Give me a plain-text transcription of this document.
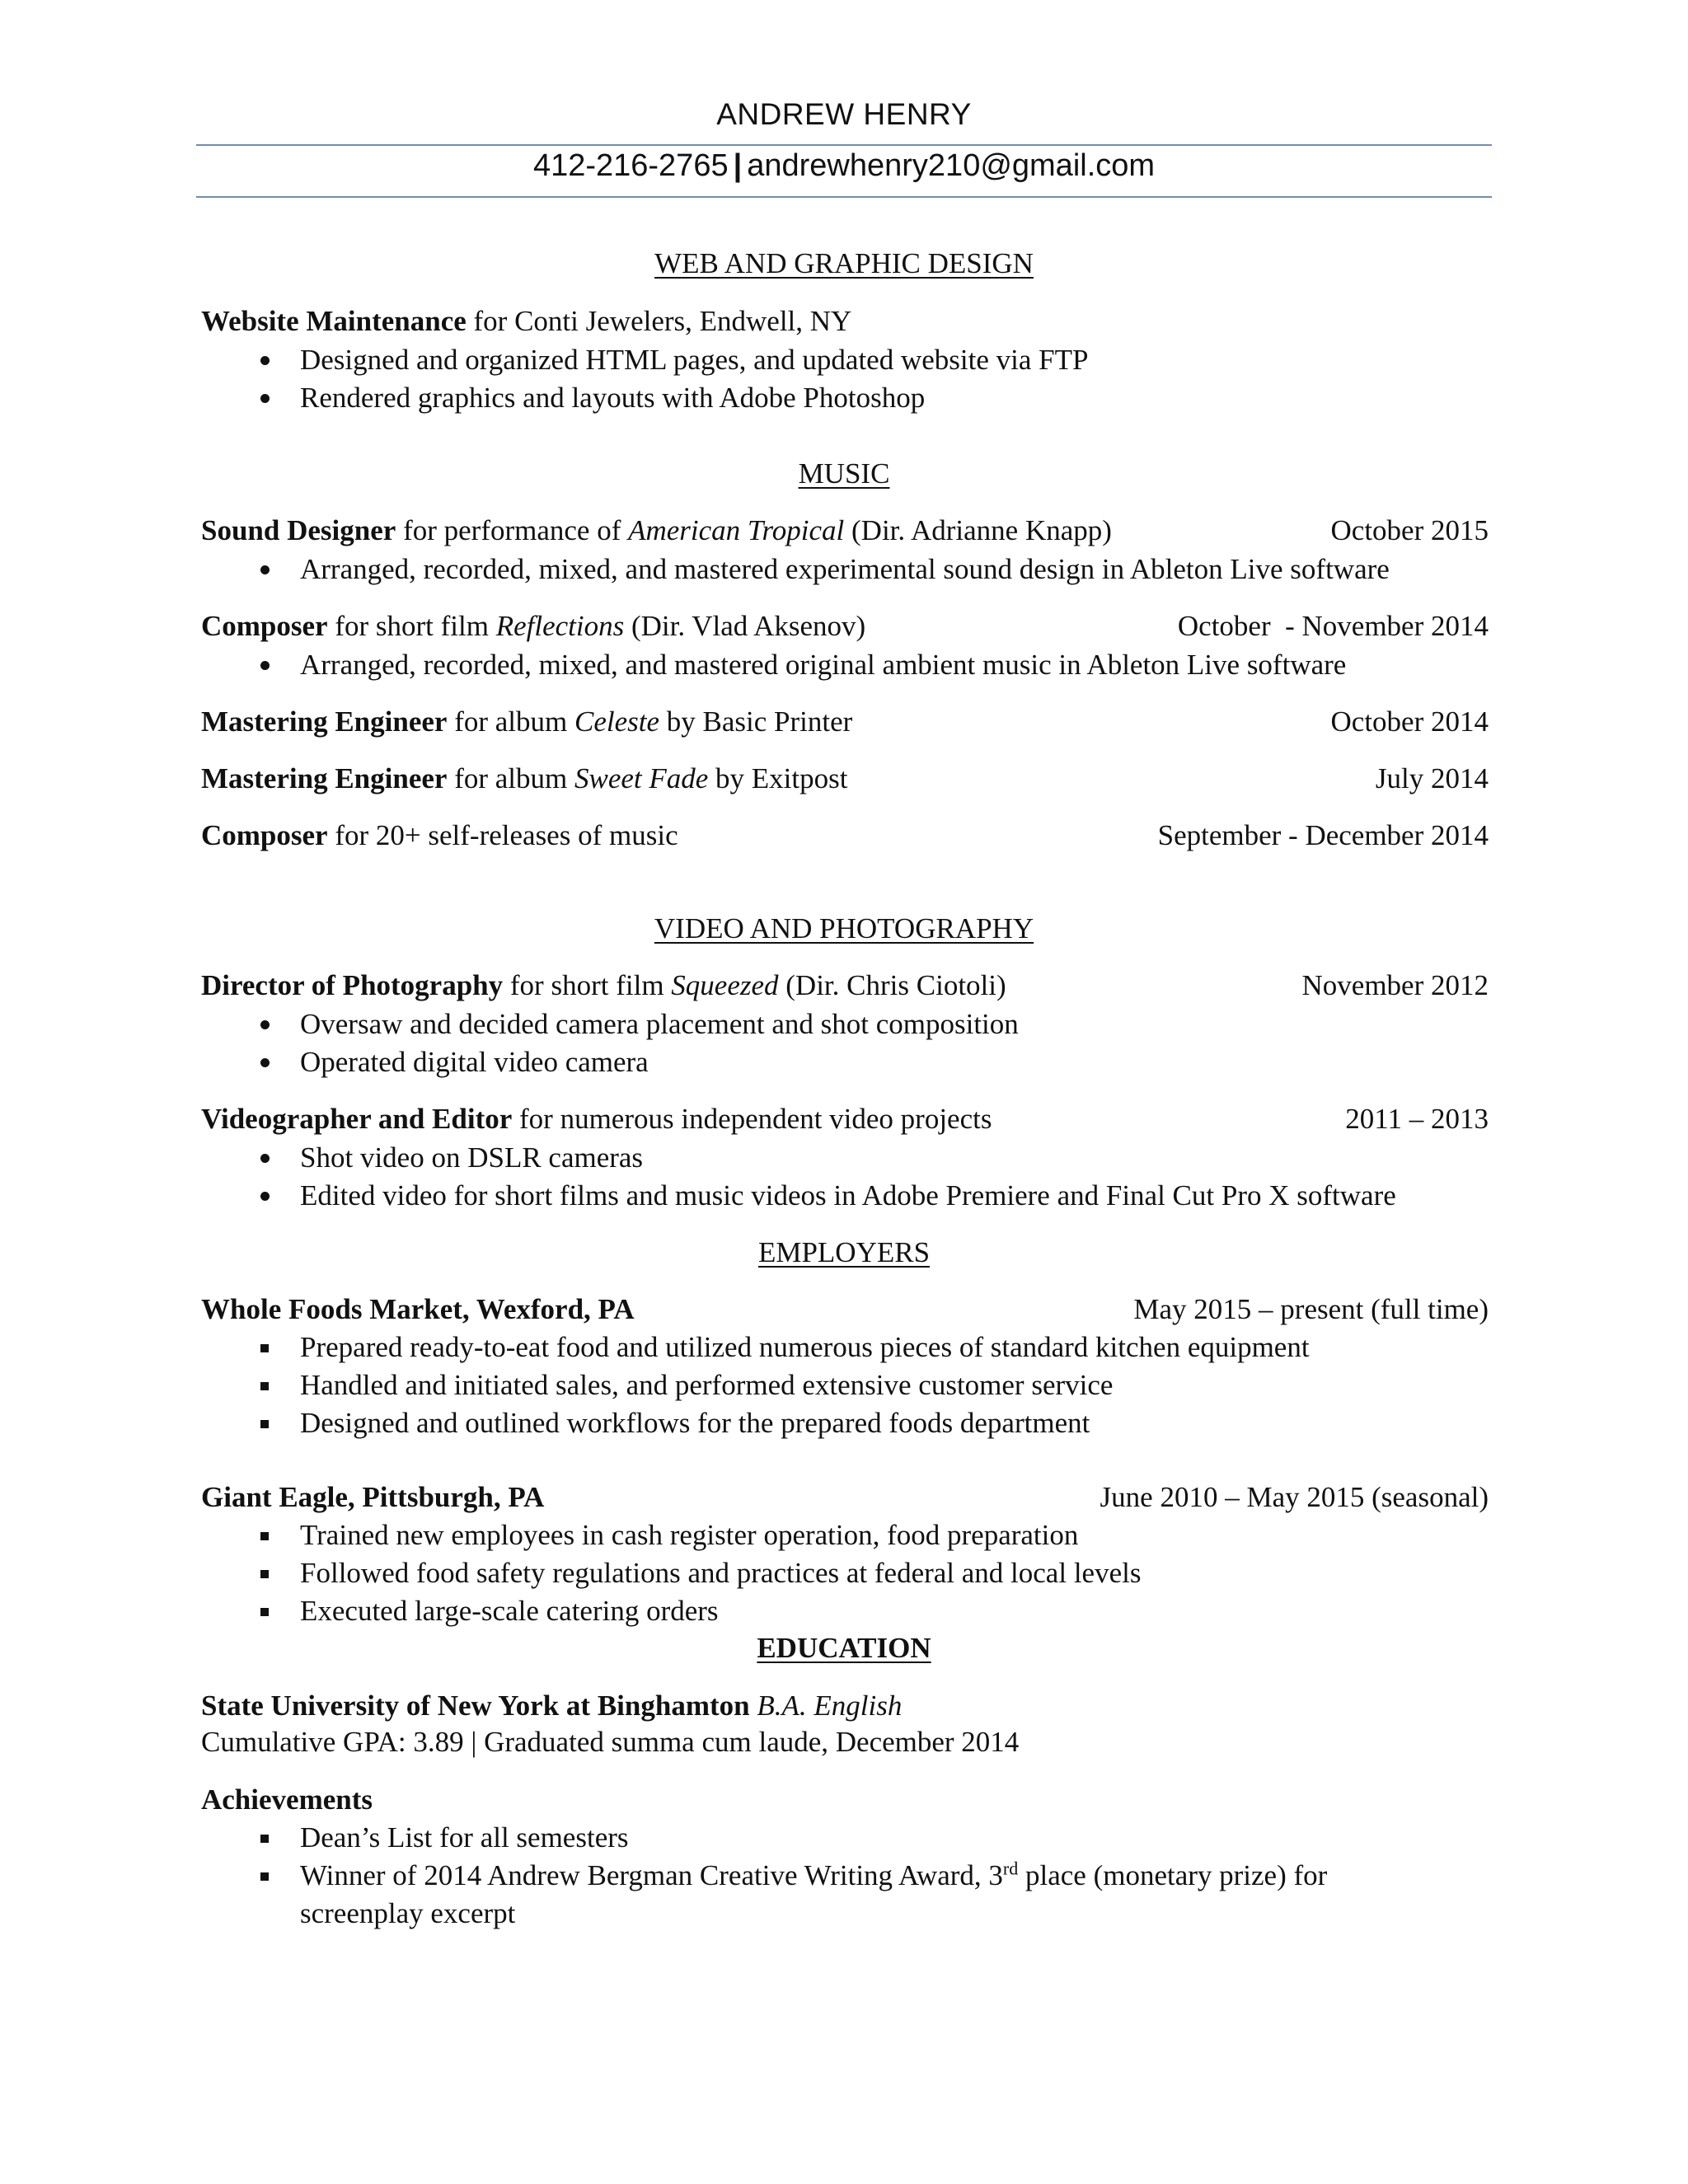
ANDREW HENRY
412-216-2765 | andrewhenry210@gmail.com
WEB AND GRAPHIC DESIGN
Website Maintenance for Conti Jewelers, Endwell, NY
Designed and organized HTML pages, and updated website via FTP
Rendered graphics and layouts with Adobe Photoshop
MUSIC
Sound Designer for performance of American Tropical (Dir. Adrianne Knapp)	October 2015
Arranged, recorded, mixed, and mastered experimental sound design in Ableton Live software
Composer for short film Reflections (Dir. Vlad Aksenov)	October  - November 2014
Arranged, recorded, mixed, and mastered original ambient music in Ableton Live software
Mastering Engineer for album Celeste by Basic Printer	October 2014
Mastering Engineer for album Sweet Fade by Exitpost	July 2014
Composer for 20+ self-releases of music	September - December 2014
VIDEO AND PHOTOGRAPHY
Director of Photography for short film Squeezed (Dir. Chris Ciotoli)	November 2012
Oversaw and decided camera placement and shot composition
Operated digital video camera
Videographer and Editor for numerous independent video projects	2011 – 2013
Shot video on DSLR cameras
Edited video for short films and music videos in Adobe Premiere and Final Cut Pro X software
EMPLOYERS
Whole Foods Market, Wexford, PA	May 2015 – present (full time)
Prepared ready-to-eat food and utilized numerous pieces of standard kitchen equipment
Handled and initiated sales, and performed extensive customer service
Designed and outlined workflows for the prepared foods department
Giant Eagle, Pittsburgh, PA	June 2010 – May 2015 (seasonal)
Trained new employees in cash register operation, food preparation
Followed food safety regulations and practices at federal and local levels
Executed large-scale catering orders
EDUCATION
State University of New York at Binghamton B.A. English
Cumulative GPA: 3.89 | Graduated summa cum laude, December 2014
Achievements
Dean’s List for all semesters
Winner of 2014 Andrew Bergman Creative Writing Award, 3rd place (monetary prize) for
screenplay excerpt
